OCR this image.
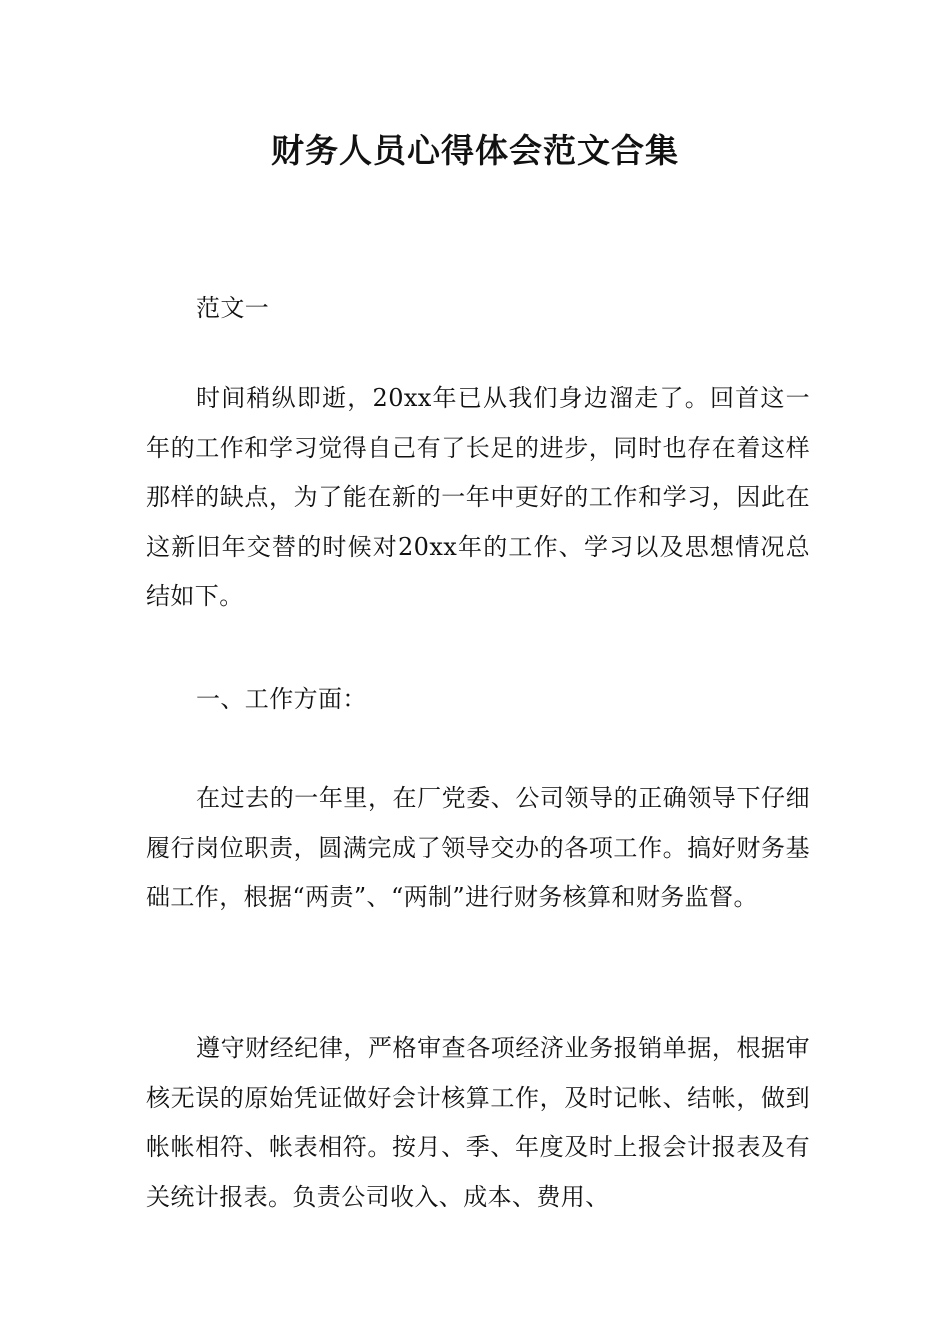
财务人员心得体会范文合集

范文一

时间稍纵即逝，20xx年已从我们身边溜走了。回首这一年的工作和学习觉得自己有了长足的进步，同时也存在着这样那样的缺点，为了能在新的一年中更好的工作和学习，因此在这新旧年交替的时候对20xx年的工作、学习以及思想情况总结如下。

一、工作方面：

在过去的一年里，在厂党委、公司领导的正确领导下仔细履行岗位职责，圆满完成了领导交办的各项工作。搞好财务基础工作，根据“两责”、“两制”进行财务核算和财务监督。

遵守财经纪律，严格审查各项经济业务报销单据，根据审核无误的原始凭证做好会计核算工作，及时记帐、结帐，做到帐帐相符、帐表相符。按月、季、年度及时上报会计报表及有关统计报表。负责公司收入、成本、费用、
